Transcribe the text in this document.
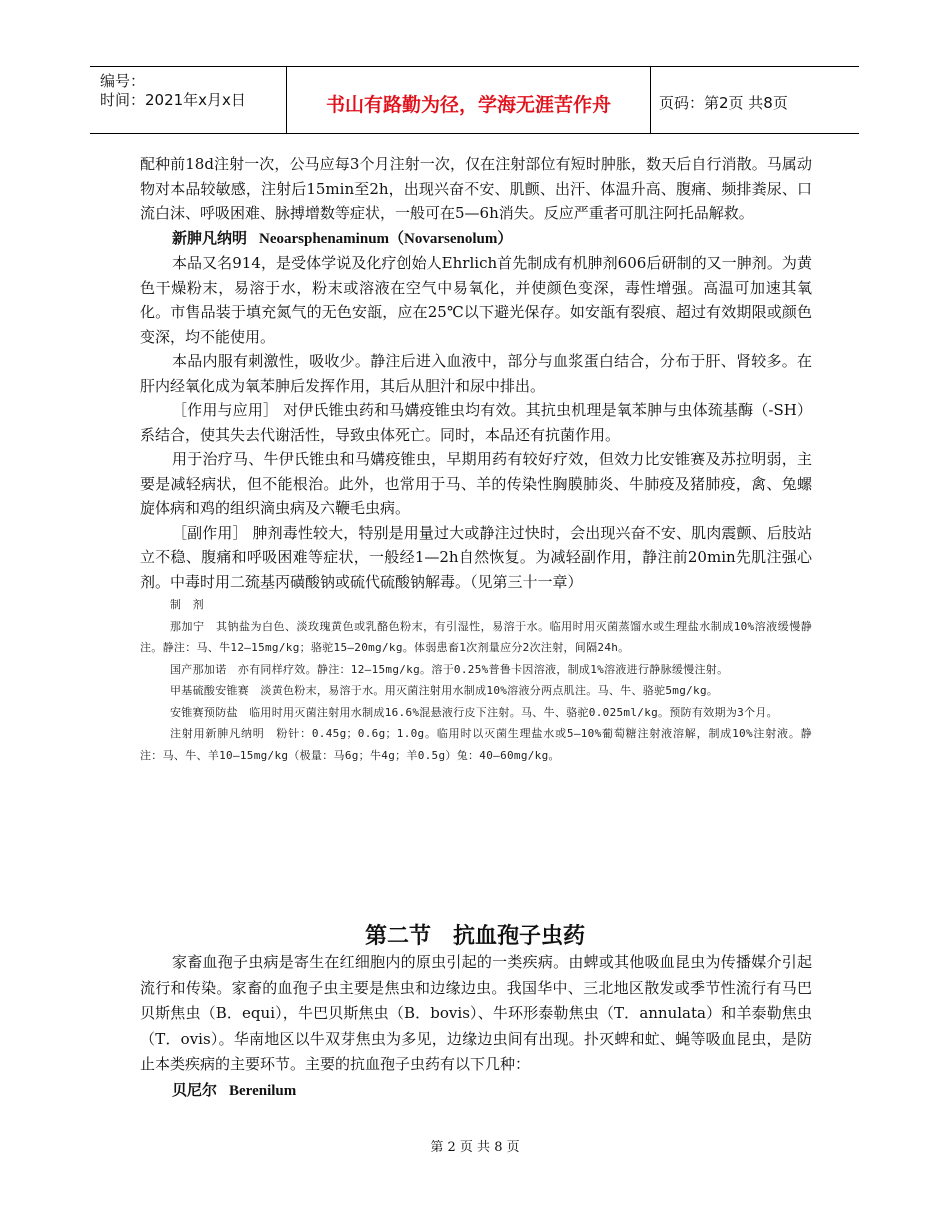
编号：
时间：2021年x月x日	书山有路勤为径，学海无涯苦作舟	页码：第2页 共8页

配种前18d注射一次，公马应每3个月注射一次，仅在注射部位有短时肿胀，数天后自行消散。马属动物对本品较敏感，注射后15min至2h，出现兴奋不安、肌颤、出汗、体温升高、腹痛、频排粪尿、口流白沫、呼吸困难、脉搏增数等症状，一般可在5—6h消失。反应严重者可肌注阿托品解救。

新胂凡纳明 Neoarsphenaminum（Novarsenolum）

本品又名914，是受体学说及化疗创始人Ehrlich首先制成有机胂剂606后研制的又一胂剂。为黄色干燥粉末，易溶于水，粉末或溶液在空气中易氧化，并使颜色变深，毒性增强。高温可加速其氧化。市售品装于填充氮气的无色安瓿，应在25℃以下避光保存。如安瓿有裂痕、超过有效期限或颜色变深，均不能使用。

本品内服有刺激性，吸收少。静注后进入血液中，部分与血浆蛋白结合，分布于肝、肾较多。在肝内经氧化成为氧苯胂后发挥作用，其后从胆汁和尿中排出。

［作用与应用］ 对伊氏锥虫药和马媾疫锥虫均有效。其抗虫机理是氧苯胂与虫体巯基酶（-SH）系结合，使其失去代谢活性，导致虫体死亡。同时，本品还有抗菌作用。

用于治疗马、牛伊氏锥虫和马媾疫锥虫，早期用药有较好疗效，但效力比安锥赛及苏拉明弱，主要是减轻病状，但不能根治。此外，也常用于马、羊的传染性胸膜肺炎、牛肺疫及猪肺疫，禽、兔螺旋体病和鸡的组织滴虫病及六鞭毛虫病。

［副作用］ 胂剂毒性较大，特别是用量过大或静注过快时，会出现兴奋不安、肌肉震颤、后肢站立不稳、腹痛和呼吸困难等症状，一般经1—2h自然恢复。为减轻副作用，静注前20min先肌注强心剂。中毒时用二巯基丙磺酸钠或硫代硫酸钠解毒。（见第三十一章）

制　剂

那加宁　其钠盐为白色、淡玫瑰黄色或乳酪色粉末，有引湿性，易溶于水。临用时用灭菌蒸馏水或生理盐水制成10%溶液缓慢静注。静注：马、牛12—15mg/kg；骆驼15—20mg/kg。体弱患畜1次剂量应分2次注射，间隔24h。

国产那加诺　亦有同样疗效。静注：12—15mg/kg。溶于0.25%普鲁卡因溶液，制成1%溶液进行静脉缓慢注射。

甲基硫酸安锥赛　淡黄色粉末，易溶于水。用灭菌注射用水制成10%溶液分两点肌注。马、牛、骆驼5mg/kg。

安锥赛预防盐　临用时用灭菌注射用水制成16.6%混悬液行皮下注射。马、牛、骆驼0.025ml/kg。预防有效期为3个月。

注射用新胂凡纳明　粉针：0.45g；0.6g；1.0g。临用时以灭菌生理盐水或5—10%葡萄糖注射液溶解，制成10%注射液。静注：马、牛、羊10—15mg/kg（极量：马6g；牛4g；羊0.5g）兔：40—60mg/kg。

第二节　抗血孢子虫药

家畜血孢子虫病是寄生在红细胞内的原虫引起的一类疾病。由蜱或其他吸血昆虫为传播媒介引起流行和传染。家畜的血孢子虫主要是焦虫和边缘边虫。我国华中、三北地区散发或季节性流行有马巴贝斯焦虫（B．equi），牛巴贝斯焦虫（B．bovis）、牛环形泰勒焦虫（T．annulata）和羊泰勒焦虫（T．ovis）。华南地区以牛双芽焦虫为多见，边缘边虫间有出现。扑灭蜱和虻、蝇等吸血昆虫，是防止本类疾病的主要环节。主要的抗血孢子虫药有以下几种：

贝尼尔 Berenilum

第 2 页 共 8 页
